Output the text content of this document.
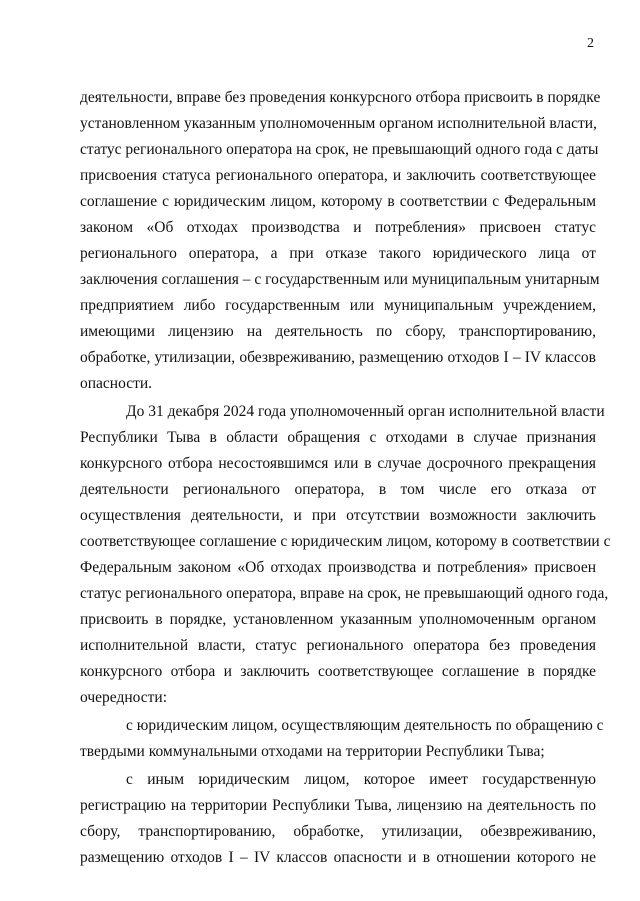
2
деятельности, вправе без проведения конкурсного отбора присвоить в порядке
установленном указанным уполномоченным органом исполнительной власти,
статус регионального оператора на срок, не превышающий одного года с даты
присвоения статуса регионального оператора, и заключить соответствующее
соглашение с юридическим лицом, которому в соответствии с Федеральным
законом «Об отходах производства и потребления» присвоен статус
регионального оператора, а при отказе такого юридического лица от
заключения соглашения – с государственным или муниципальным унитарным
предприятием либо государственным или муниципальным учреждением,
имеющими лицензию на деятельность по сбору, транспортированию,
обработке, утилизации, обезвреживанию, размещению отходов I – IV классов
опасности.
До 31 декабря 2024 года уполномоченный орган исполнительной власти
Республики Тыва в области обращения с отходами в случае признания
конкурсного отбора несостоявшимся или в случае досрочного прекращения
деятельности регионального оператора, в том числе его отказа от
осуществления деятельности, и при отсутствии возможности заключить
соответствующее соглашение с юридическим лицом, которому в соответствии с
Федеральным законом «Об отходах производства и потребления» присвоен
статус регионального оператора, вправе на срок, не превышающий одного года,
присвоить в порядке, установленном указанным уполномоченным органом
исполнительной власти, статус регионального оператора без проведения
конкурсного отбора и заключить соответствующее соглашение в порядке
очередности:
с юридическим лицом, осуществляющим деятельность по обращению с
твердыми коммунальными отходами на территории Республики Тыва;
с иным юридическим лицом, которое имеет государственную
регистрацию на территории Республики Тыва, лицензию на деятельность по
сбору, транспортированию, обработке, утилизации, обезвреживанию,
размещению отходов I – IV классов опасности и в отношении которого не
